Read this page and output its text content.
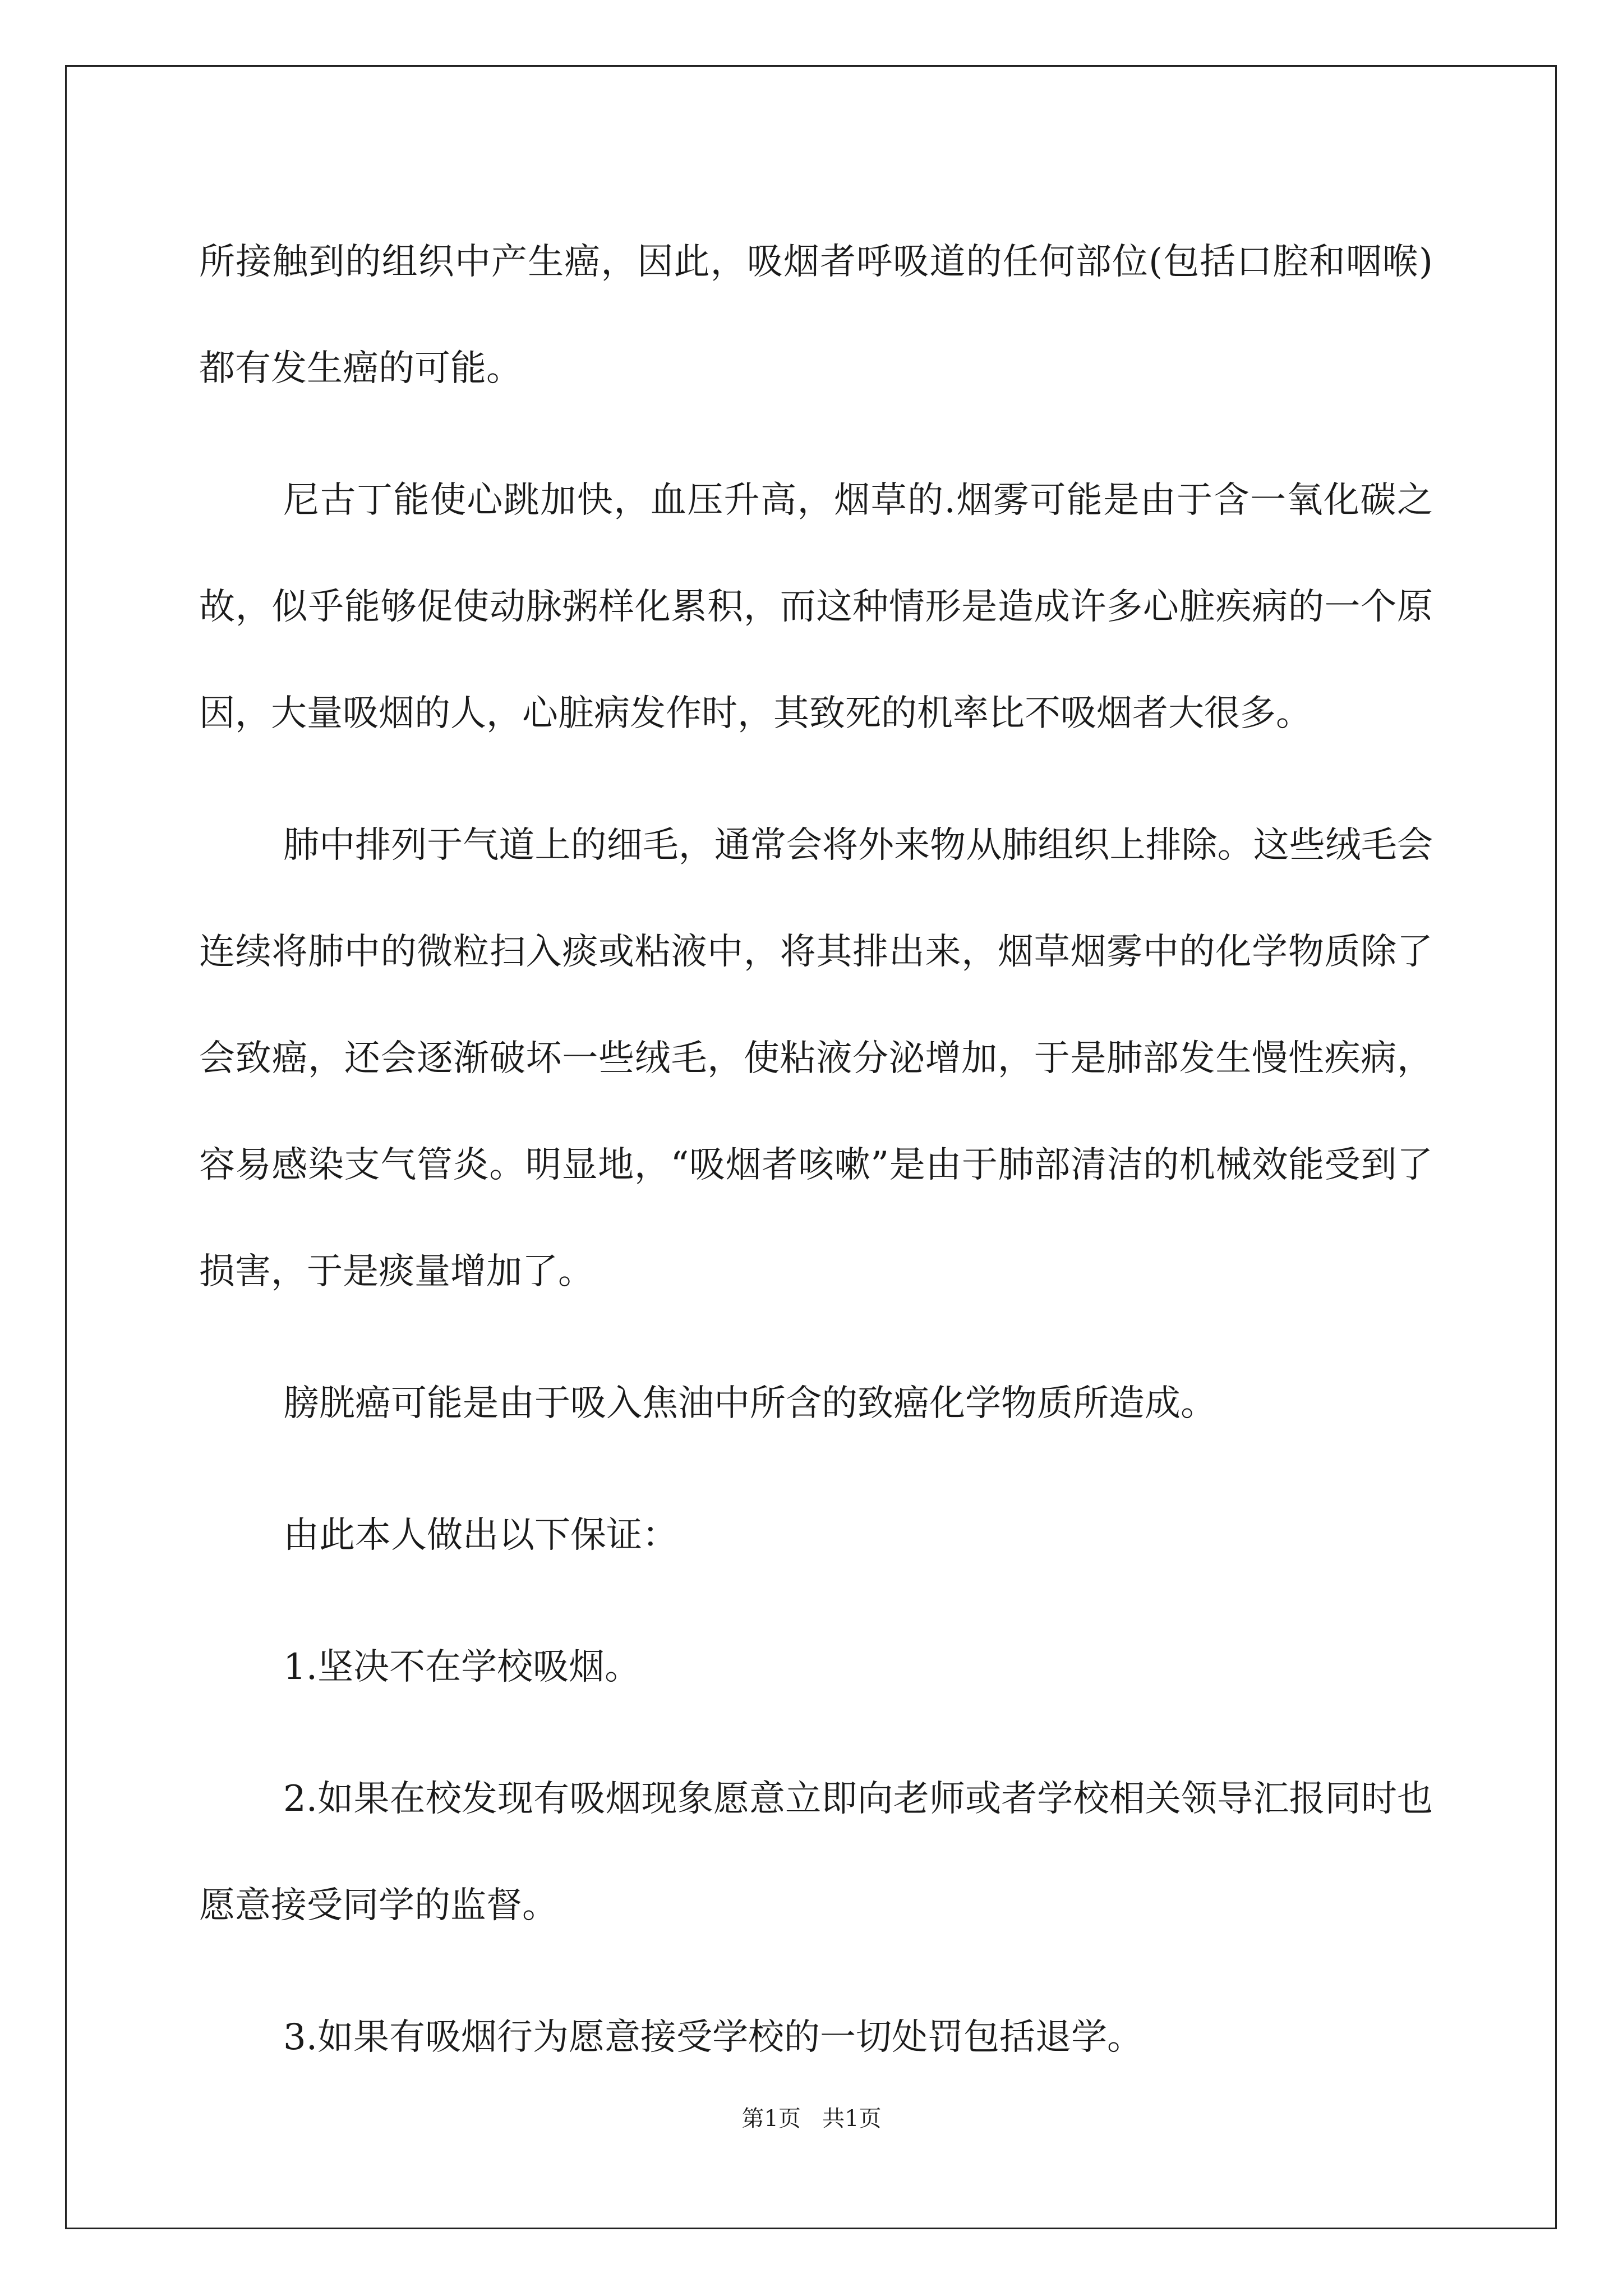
所接触到的组织中产生癌，因此，吸烟者呼吸道的任何部位(包括口腔和咽喉)都有发生癌的可能。

尼古丁能使心跳加快，血压升高，烟草的.烟雾可能是由于含一氧化碳之故，似乎能够促使动脉粥样化累积，而这种情形是造成许多心脏疾病的一个原因，大量吸烟的人，心脏病发作时，其致死的机率比不吸烟者大很多。

肺中排列于气道上的细毛，通常会将外来物从肺组织上排除。这些绒毛会连续将肺中的微粒扫入痰或粘液中，将其排出来，烟草烟雾中的化学物质除了会致癌，还会逐渐破坏一些绒毛，使粘液分泌增加，于是肺部发生慢性疾病，容易感染支气管炎。明显地，“吸烟者咳嗽”是由于肺部清洁的机械效能受到了损害，于是痰量增加了。

膀胱癌可能是由于吸入焦油中所含的致癌化学物质所造成。

由此本人做出以下保证：

1.坚决不在学校吸烟。

2.如果在校发现有吸烟现象愿意立即向老师或者学校相关领导汇报同时也愿意接受同学的监督。

3.如果有吸烟行为愿意接受学校的一切处罚包括退学。

第1页 共1页
